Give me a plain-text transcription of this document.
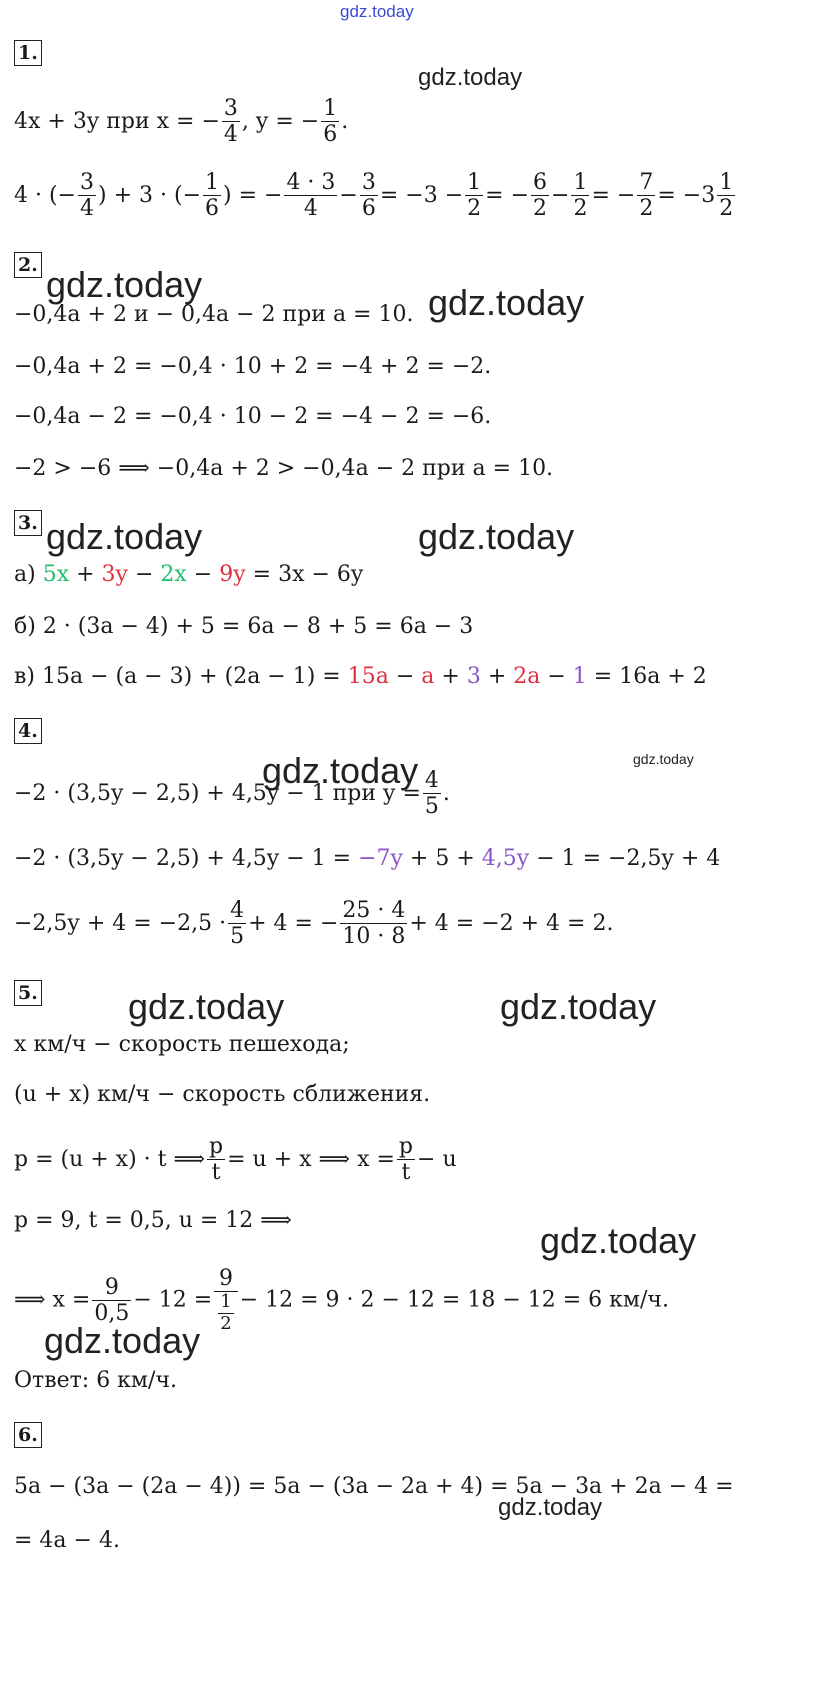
gdz.today
gdz.today
gdz.today	gdz.today
gdz.today	gdz.today
gdz.today	gdz.today
gdz.today	gdz.today
gdz.today
gdz.today
gdz.today
1.
4x + 3y при x = − $\frac{3}{4}$ , y = − $\frac{1}{6}$ .
4 · (− $\frac{3}{4}$ ) + 3 · (− $\frac{1}{6}$ ) = − $\frac{4 \cdot 3}{4} - \frac{3}{6} = -3 - \frac{1}{2}$ = − $\frac{6}{2} - \frac{1}{2}$ = − $\frac{7}{2} = -3 \frac{1}{2}$
2.
−0,4a + 2 и − 0,4a − 2 при a = 10.
−0,4a + 2 = −0,4 · 10 + 2 = −4 + 2 = −2.
−0,4a − 2 = −0,4 · 10 − 2 = −4 − 2 = −6.
−2 > −6 ⟹ −0,4a + 2 > −0,4a − 2 при a = 10.
3.
а) 5x + 3y − 2x − 9y = 3x − 6y
б) 2 · (3a − 4) + 5 = 6a − 8 + 5 = 6a − 3
в) 15a − (a − 3) + (2a − 1) = 15a − a + 3 + 2a − 1 = 16a + 2
4.
−2 · (3,5y − 2,5) + 4,5y − 1 при $y = \frac{4}{5}$ .
−2 · (3,5y − 2,5) + 4,5y − 1 = −7y + 5 + 4,5y − 1 = −2,5y + 4
$-2,5y + 4 = -2,5 \cdot \frac{4}{5} + 4$ = − $\frac{25 \cdot 4}{10 \cdot 8} + 4 = -2 + 4 = 2$.
5.
x км/ч − скорость пешехода;
(u + x) км/ч − скорость сближения.
p = (u + x) · t ⟹ $\frac{p}{t} = u + x$ ⟹ $x = \frac{p}{t} - u$
p = 9, t = 0,5, u = 12 ⟹
⟹ $x = \frac{9}{0,5} - 12 = \frac{9}{\frac{1}{2}} - 12 = 9 \cdot 2 - 12 = 18 - 12 = 6$ км/ч.
Ответ: 6 км/ч.
6.
5a − (3a − (2a − 4)) = 5a − (3a − 2a + 4) = 5a − 3a + 2a − 4 =
= 4a − 4.
